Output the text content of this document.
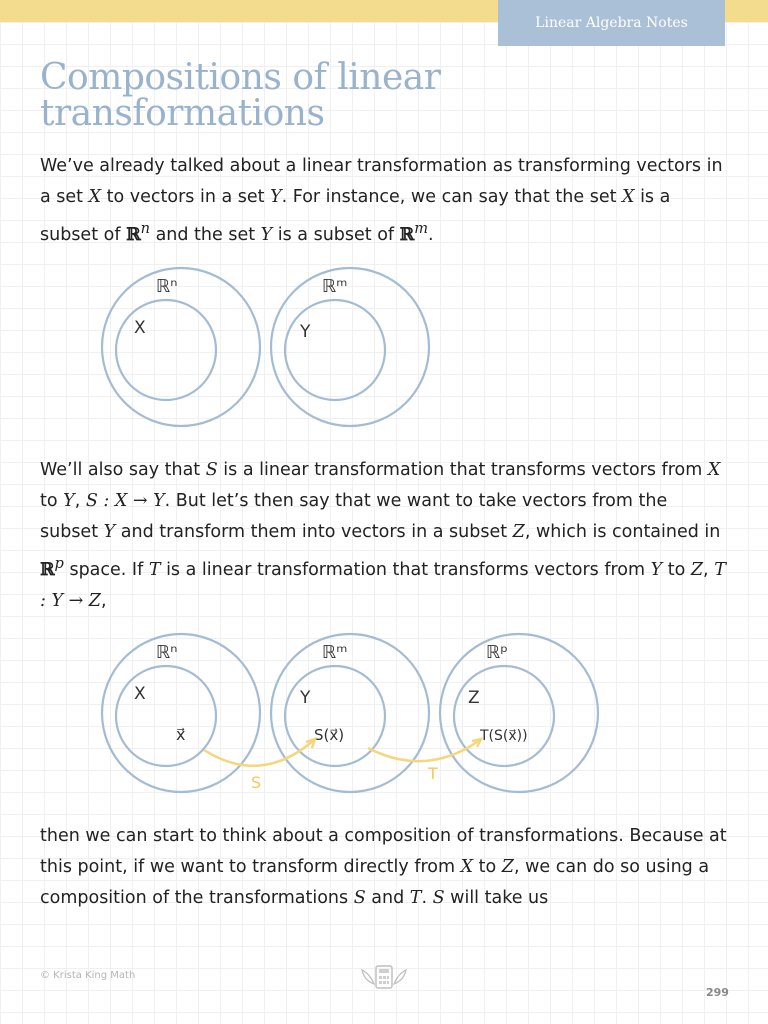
Linear Algebra Notes
Compositions of linear
transformations

We’ve already talked about a linear transformation as transforming vectors in a set X to vectors in a set Y. For instance, we can say that the set X is a subset of ℝ$^n$ and the set Y is a subset of ℝ$^m$.

ℝⁿ
X
ℝᵐ
Y

We’ll also say that S is a linear transformation that transforms vectors from X to Y, S : X → Y. But let’s then say that we want to take vectors from the subset Y and transform them into vectors in a subset Z, which is contained in ℝ$^p$ space. If T is a linear transformation that transforms vectors from Y to Z, T : Y → Z,

ℝⁿ
X
x⃗
ℝᵐ
Y
S(x⃗)
ℝᵖ
Z
T(S(x⃗))
S	T

then we can start to think about a composition of transformations. Because at this point, if we want to transform directly from X to Z, we can do so using a composition of the transformations S and T. S will take us

© Krista King Math
299
